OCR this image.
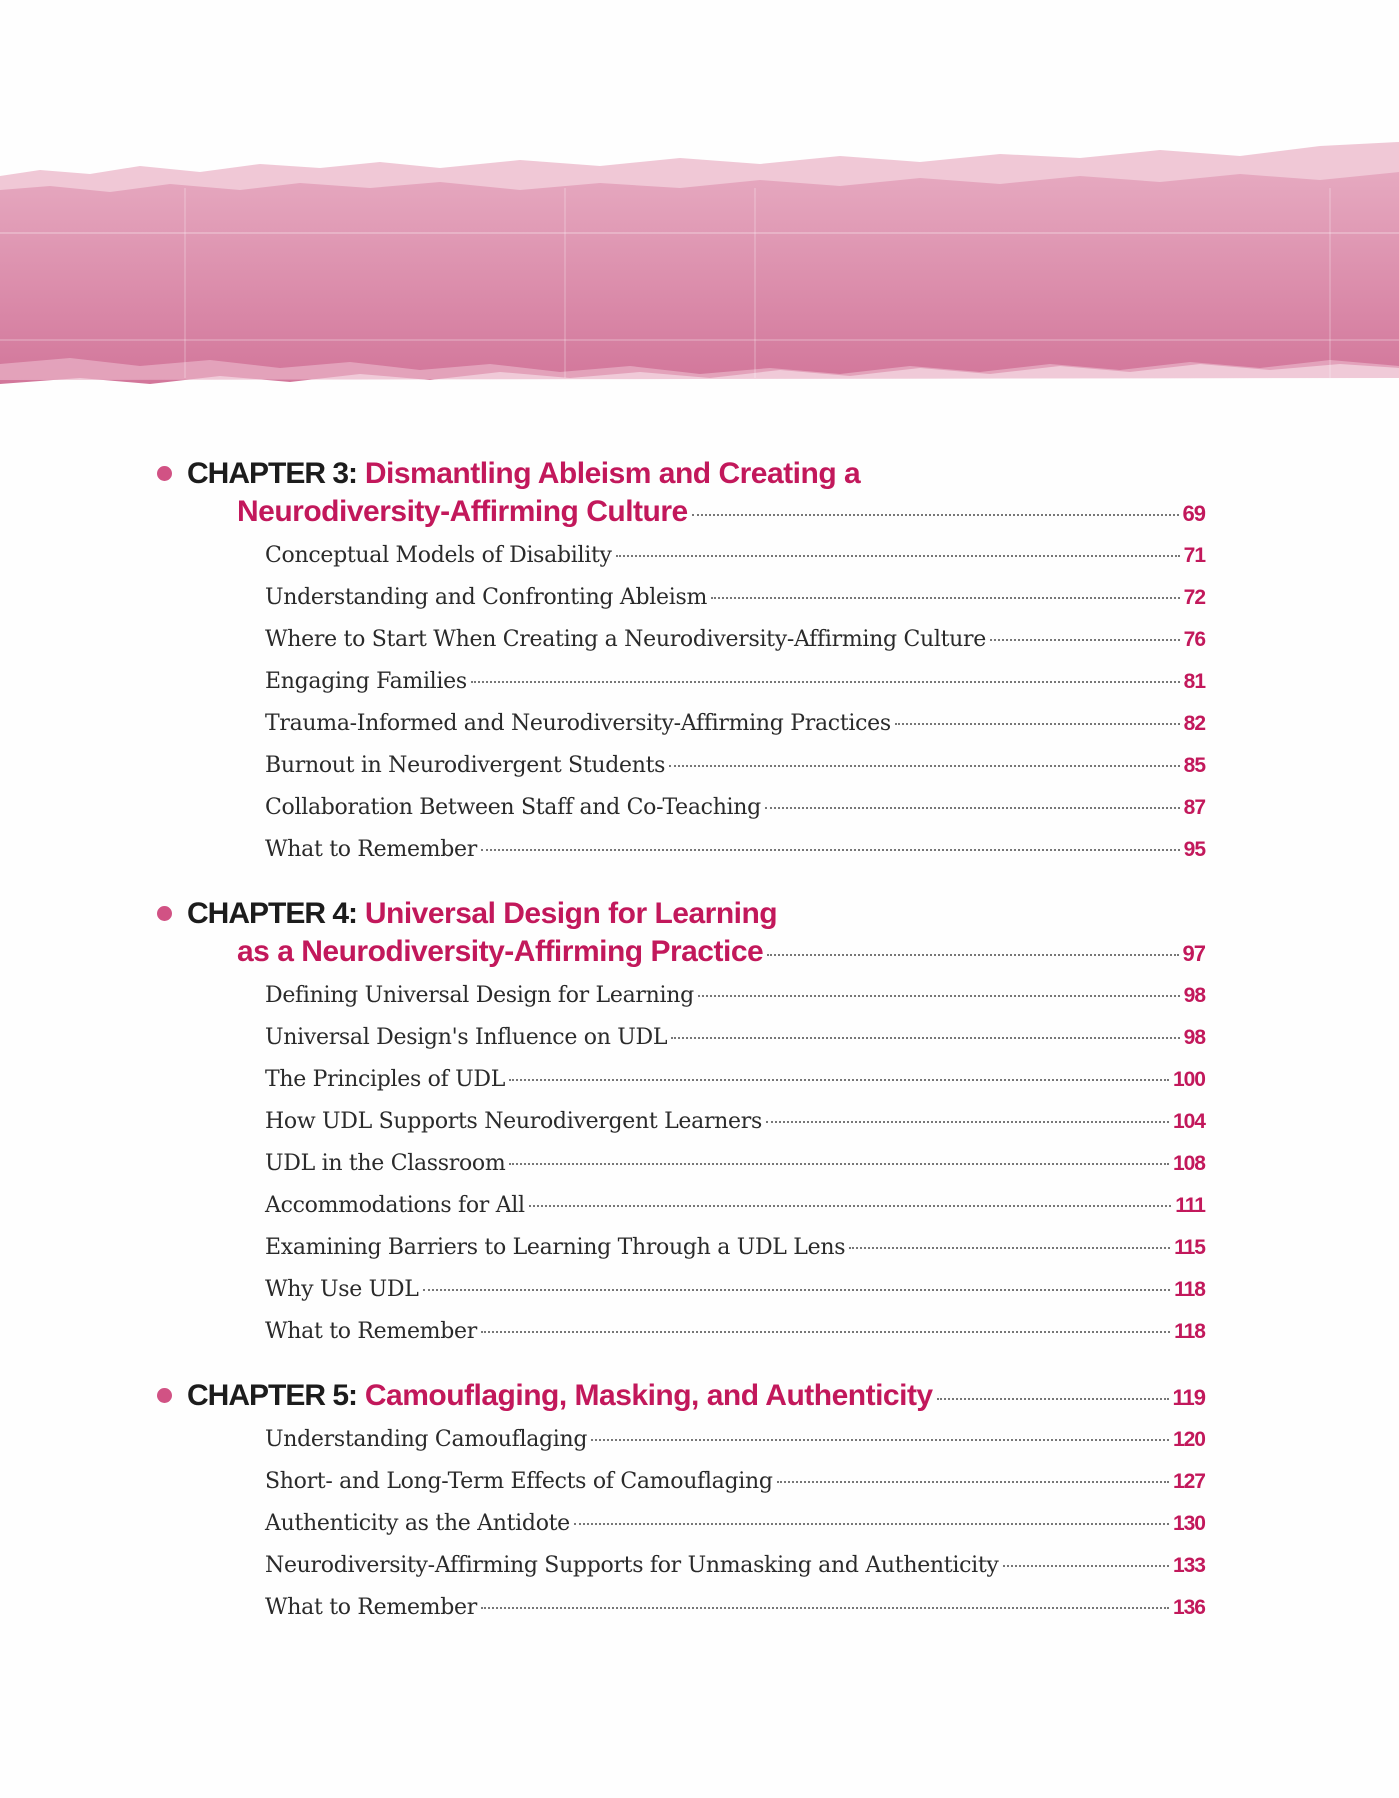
CHAPTER 3: Dismantling Ableism and Creating a
Neurodiversity-Affirming Culture	69
Conceptual Models of Disability	71
Understanding and Confronting Ableism	72
Where to Start When Creating a Neurodiversity-Affirming Culture	76
Engaging Families	81
Trauma-Informed and Neurodiversity-Affirming Practices	82
Burnout in Neurodivergent Students	85
Collaboration Between Staff and Co-Teaching	87
What to Remember	95
CHAPTER 4: Universal Design for Learning
as a Neurodiversity-Affirming Practice	97
Defining Universal Design for Learning	98
Universal Design's Influence on UDL	98
The Principles of UDL	100
How UDL Supports Neurodivergent Learners	104
UDL in the Classroom	108
Accommodations for All	111
Examining Barriers to Learning Through a UDL Lens	115
Why Use UDL	118
What to Remember	118
CHAPTER 5:
Camouflaging, Masking, and Authenticity	119
Understanding Camouflaging	120
Short- and Long-Term Effects of Camouflaging	127
Authenticity as the Antidote	130
Neurodiversity-Affirming Supports for Unmasking and Authenticity	133
What to Remember	136
